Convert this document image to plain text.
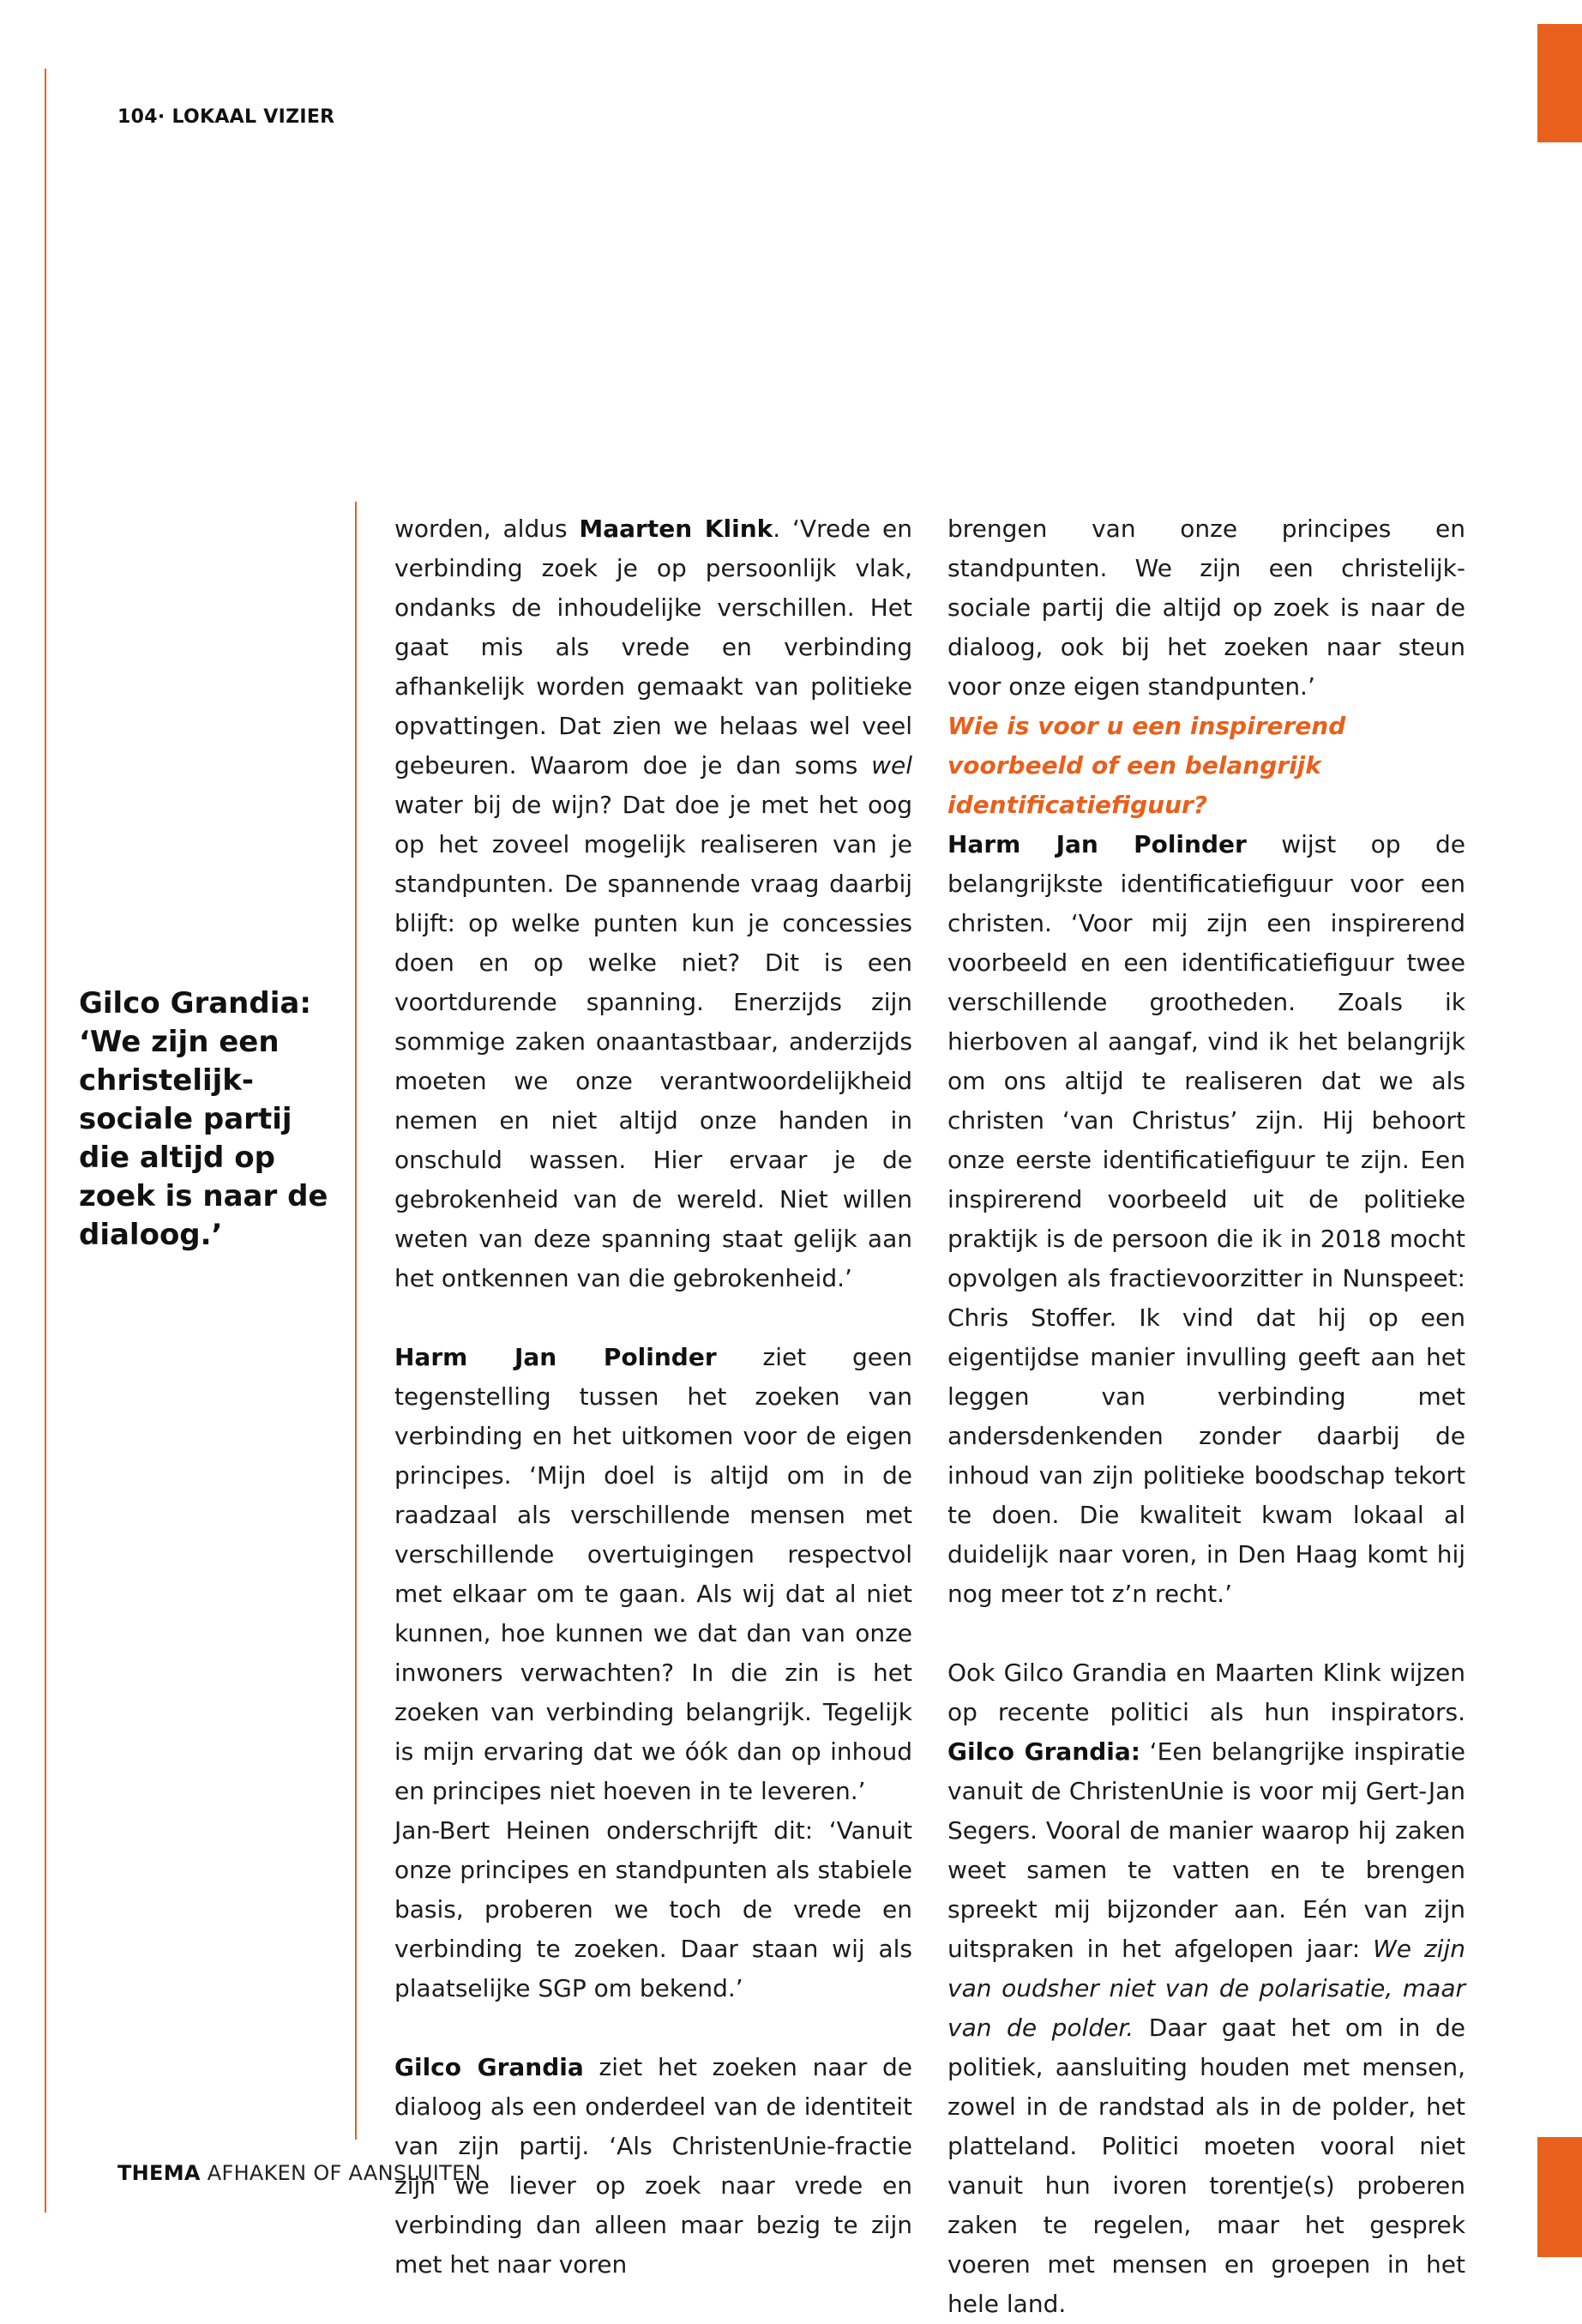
104· LOKAAL VIZIER
Gilco Grandia:
‘We zijn een christelijk-sociale partij die altijd op zoek is naar de dialoog.’

worden, aldus Maarten Klink. ‘Vrede en verbinding zoek je op persoonlijk vlak, ondanks de inhoudelijke verschillen. Het gaat mis als vrede en verbinding afhankelijk worden gemaakt van politieke opvattingen. Dat zien we helaas wel veel gebeuren. Waarom doe je dan soms wel water bij de wijn? Dat doe je met het oog op het zoveel mogelijk realiseren van je standpunten. De spannende vraag daarbij blijft: op welke punten kun je concessies doen en op welke niet? Dit is een voortdurende spanning. Enerzijds zijn sommige zaken onaantastbaar, anderzijds moeten we onze verantwoordelijkheid nemen en niet altijd onze handen in onschuld wassen. Hier ervaar je de gebrokenheid van de wereld. Niet willen weten van deze spanning staat gelijk aan het ontkennen van die gebrokenheid.’

Harm Jan Polinder ziet geen tegenstelling tussen het zoeken van verbinding en het uitkomen voor de eigen principes. ‘Mijn doel is altijd om in de raadzaal als verschillende mensen met verschillende overtuigingen respectvol met elkaar om te gaan. Als wij dat al niet kunnen, hoe kunnen we dat dan van onze inwoners verwachten? In die zin is het zoeken van verbinding belangrijk. Tegelijk is mijn ervaring dat we óók dan op inhoud en principes niet hoeven in te leveren.’

Jan-Bert Heinen onderschrijft dit: ‘Vanuit onze principes en standpunten als stabiele basis, proberen we toch de vrede en verbinding te zoeken. Daar staan wij als plaatselijke SGP om bekend.’

Gilco Grandia ziet het zoeken naar de dialoog als een onderdeel van de identiteit van zijn partij. ‘Als ChristenUnie-fractie zijn we liever op zoek naar vrede en verbinding dan alleen maar bezig te zijn met het naar voren

brengen van onze principes en standpunten. We zijn een christelijk-sociale partij die altijd op zoek is naar de dialoog, ook bij het zoeken naar steun voor onze eigen standpunten.’

Wie is voor u een inspirerend voorbeeld of een belangrijk identificatiefiguur?

Harm Jan Polinder wijst op de belangrijkste identificatiefiguur voor een christen. ‘Voor mij zijn een inspirerend voorbeeld en een identificatiefiguur twee verschillende grootheden. Zoals ik hierboven al aangaf, vind ik het belangrijk om ons altijd te realiseren dat we als christen ‘van Christus’ zijn. Hij behoort onze eerste identificatiefiguur te zijn. Een inspirerend voorbeeld uit de politieke praktijk is de persoon die ik in 2018 mocht opvolgen als fractievoorzitter in Nunspeet: Chris Stoffer. Ik vind dat hij op een eigentijdse manier invulling geeft aan het leggen van verbinding met andersdenkenden zonder daarbij de inhoud van zijn politieke boodschap tekort te doen. Die kwaliteit kwam lokaal al duidelijk naar voren, in Den Haag komt hij nog meer tot z’n recht.’

Ook Gilco Grandia en Maarten Klink wijzen op recente politici als hun inspirators. Gilco Grandia: ‘Een belangrijke inspiratie vanuit de ChristenUnie is voor mij Gert-Jan Segers. Vooral de manier waarop hij zaken weet samen te vatten en te brengen spreekt mij bijzonder aan. Eén van zijn uitspraken in het afgelopen jaar: We zijn van oudsher niet van de polarisatie, maar van de polder. Daar gaat het om in de politiek, aansluiting houden met mensen, zowel in de randstad als in de polder, het platteland. Politici moeten vooral niet vanuit hun ivoren torentje(s) proberen zaken te regelen, maar het gesprek voeren met mensen en groepen in het hele land.

THEMA AFHAKEN OF AANSLUITEN
